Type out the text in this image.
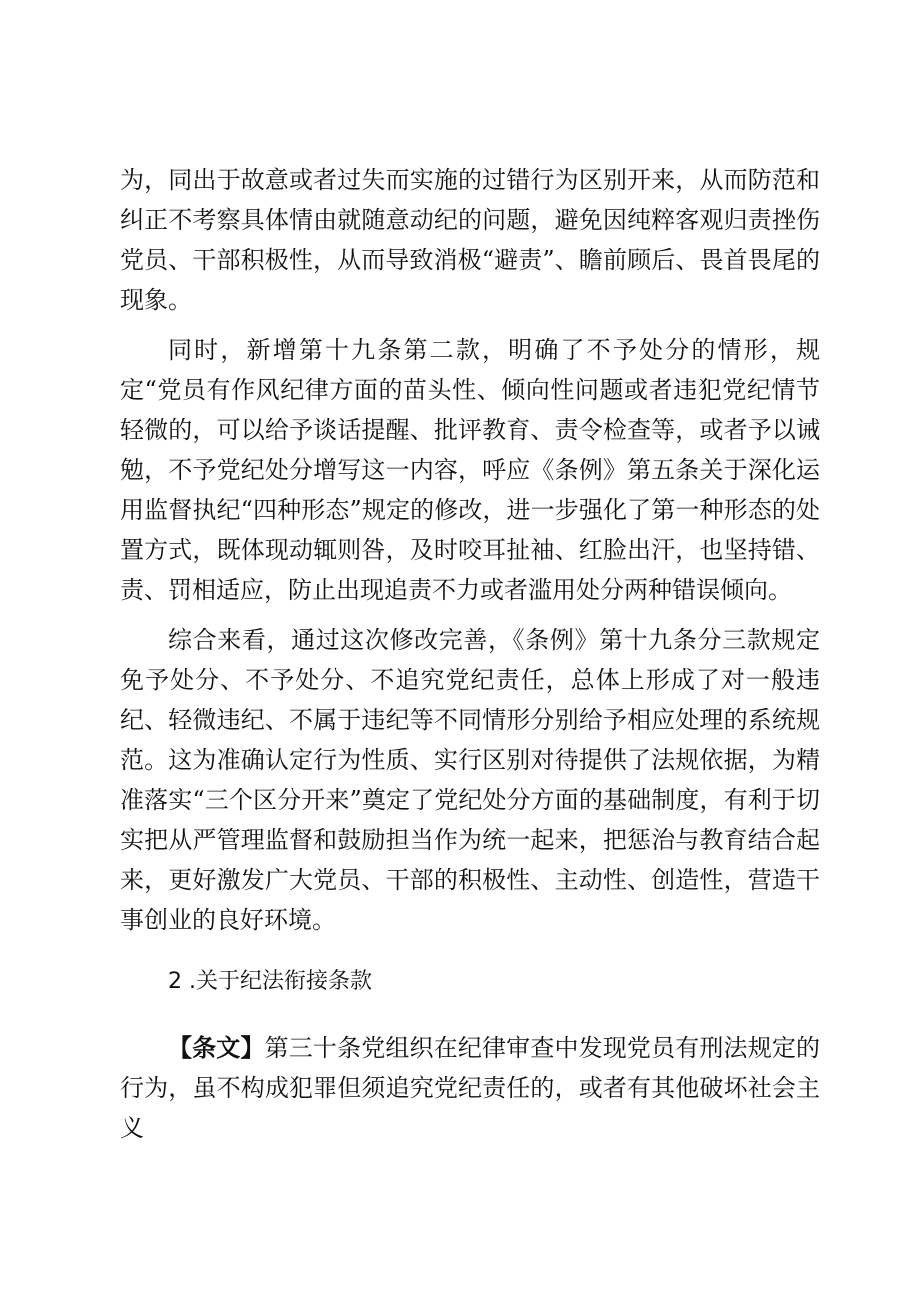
为，同出于故意或者过失而实施的过错行为区别开来，从而防范和纠正不考察具体情由就随意动纪的问题，避免因纯粹客观归责挫伤党员、干部积极性，从而导致消极“避责”、瞻前顾后、畏首畏尾的现象。

同时，新增第十九条第二款，明确了不予处分的情形，规定“党员有作风纪律方面的苗头性、倾向性问题或者违犯党纪情节轻微的，可以给予谈话提醒、批评教育、责令检查等，或者予以诫勉，不予党纪处分增写这一内容，呼应《条例》第五条关于深化运用监督执纪“四种形态”规定的修改，进一步强化了第一种形态的处置方式，既体现动辄则咎，及时咬耳扯袖、红脸出汗，也坚持错、责、罚相适应，防止出现追责不力或者滥用处分两种错误倾向。

综合来看，通过这次修改完善，《条例》第十九条分三款规定免予处分、不予处分、不追究党纪责任，总体上形成了对一般违纪、轻微违纪、不属于违纪等不同情形分别给予相应处理的系统规范。这为准确认定行为性质、实行区别对待提供了法规依据，为精准落实“三个区分开来”奠定了党纪处分方面的基础制度，有利于切实把从严管理监督和鼓励担当作为统一起来，把惩治与教育结合起来，更好激发广大党员、干部的积极性、主动性、创造性，营造干事创业的良好环境。

2 .关于纪法衔接条款

【条文】第三十条党组织在纪律审查中发现党员有刑法规定的行为，虽不构成犯罪但须追究党纪责任的，或者有其他破坏社会主义
